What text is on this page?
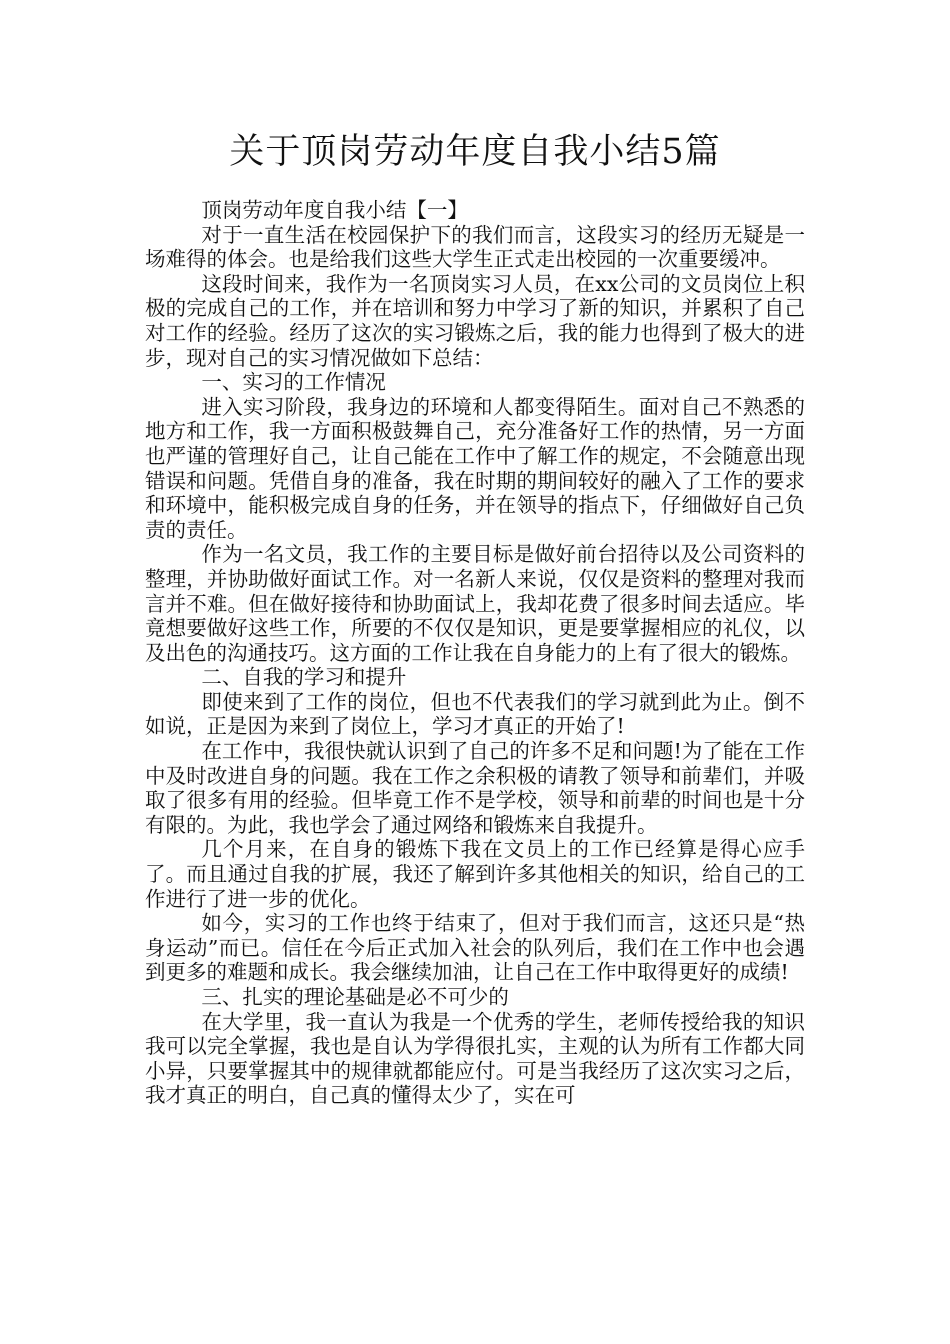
关于顶岗劳动年度自我小结5篇

顶岗劳动年度自我小结【一】

对于一直生活在校园保护下的我们而言，这段实习的经历无疑是一场难得的体会。也是给我们这些大学生正式走出校园的一次重要缓冲。

这段时间来，我作为一名顶岗实习人员，在xx公司的文员岗位上积极的完成自己的工作，并在培训和努力中学习了新的知识，并累积了自己对工作的经验。经历了这次的实习锻炼之后，我的能力也得到了极大的进步，现对自己的实习情况做如下总结：

一、实习的工作情况

进入实习阶段，我身边的环境和人都变得陌生。面对自己不熟悉的地方和工作，我一方面积极鼓舞自己，充分准备好工作的热情，另一方面也严谨的管理好自己，让自己能在工作中了解工作的规定，不会随意出现错误和问题。凭借自身的准备，我在时期的期间较好的融入了工作的要求和环境中，能积极完成自身的任务，并在领导的指点下，仔细做好自己负责的责任。

作为一名文员，我工作的主要目标是做好前台招待以及公司资料的整理，并协助做好面试工作。对一名新人来说，仅仅是资料的整理对我而言并不难。但在做好接待和协助面试上，我却花费了很多时间去适应。毕竟想要做好这些工作，所要的不仅仅是知识，更是要掌握相应的礼仪，以及出色的沟通技巧。这方面的工作让我在自身能力的上有了很大的锻炼。

二、自我的学习和提升

即使来到了工作的岗位，但也不代表我们的学习就到此为止。倒不如说，正是因为来到了岗位上，学习才真正的开始了!

在工作中，我很快就认识到了自己的许多不足和问题!为了能在工作中及时改进自身的问题。我在工作之余积极的请教了领导和前辈们，并吸取了很多有用的经验。但毕竟工作不是学校，领导和前辈的时间也是十分有限的。为此，我也学会了通过网络和锻炼来自我提升。

几个月来，在自身的锻炼下我在文员上的工作已经算是得心应手了。而且通过自我的扩展，我还了解到许多其他相关的知识，给自己的工作进行了进一步的优化。

如今，实习的工作也终于结束了，但对于我们而言，这还只是“热身运动”而已。信任在今后正式加入社会的队列后，我们在工作中也会遇到更多的难题和成长。我会继续加油，让自己在工作中取得更好的成绩!

三、扎实的理论基础是必不可少的

在大学里，我一直认为我是一个优秀的学生，老师传授给我的知识我可以完全掌握，我也是自认为学得很扎实，主观的认为所有工作都大同小异，只要掌握其中的规律就都能应付。可是当我经历了这次实习之后，我才真正的明白，自己真的懂得太少了，实在可
